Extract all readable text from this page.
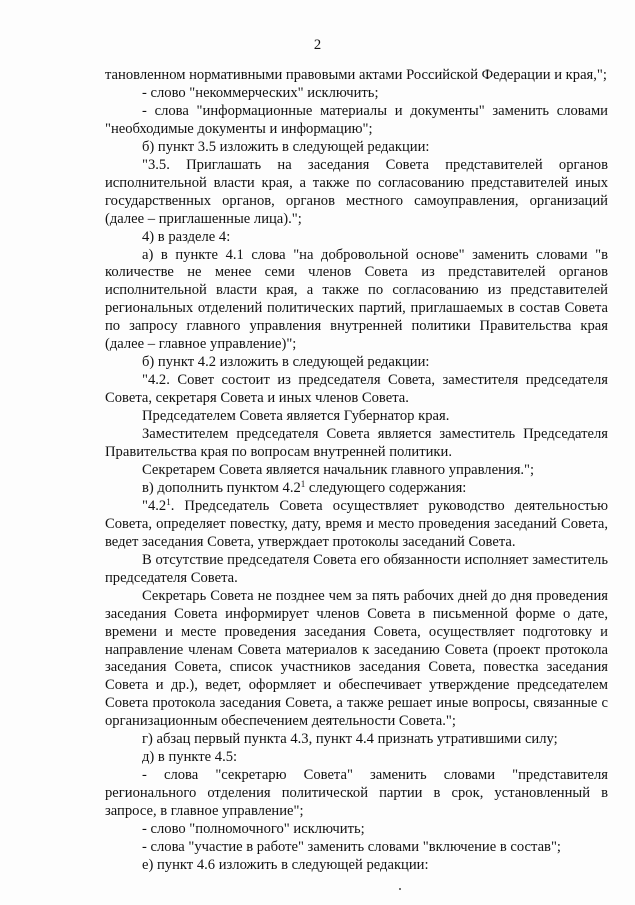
2

тановленном нормативными правовыми актами Российской Федерации и края,";

- слово "некоммерческих" исключить;

- слова "информационные материалы и документы" заменить словами "необходимые документы и информацию";

б) пункт 3.5 изложить в следующей редакции:

"3.5. Приглашать на заседания Совета представителей органов исполнительной власти края, а также по согласованию представителей иных государственных органов, органов местного самоуправления, организаций (далее – приглашенные лица).";

4) в разделе 4:

а) в пункте 4.1 слова "на добровольной основе" заменить словами "в количестве не менее семи членов Совета из представителей органов исполнительной власти края, а также по согласованию из представителей региональных отделений политических партий, приглашаемых в состав Совета по запросу главного управления внутренней политики Правительства края (далее – главное управление)";

б) пункт 4.2 изложить в следующей редакции:

"4.2. Совет состоит из председателя Совета, заместителя председателя Совета, секретаря Совета и иных членов Совета.

Председателем Совета является Губернатор края.

Заместителем председателя Совета является заместитель Председателя Правительства края по вопросам внутренней политики.

Секретарем Совета является начальник главного управления.";

в) дополнить пунктом $4.2^1$ следующего содержания:

"$4.2^1$. Председатель Совета осуществляет руководство деятельностью Совета, определяет повестку, дату, время и место проведения заседаний Совета, ведет заседания Совета, утверждает протоколы заседаний Совета.

В отсутствие председателя Совета его обязанности исполняет заместитель председателя Совета.

Секретарь Совета не позднее чем за пять рабочих дней до дня проведения заседания Совета информирует членов Совета в письменной форме о дате, времени и месте проведения заседания Совета, осуществляет подготовку и направление членам Совета материалов к заседанию Совета (проект протокола заседания Совета, список участников заседания Совета, повестка заседания Совета и др.), ведет, оформляет и обеспечивает утверждение председателем Совета протокола заседания Совета, а также решает иные вопросы, связанные с организационным обеспечением деятельности Совета.";

г) абзац первый пункта 4.3, пункт 4.4 признать утратившими силу;

д) в пункте 4.5:

- слова "секретарю Совета" заменить словами "представителя регионального отделения политической партии в срок, установленный в запросе, в главное управление";

- слово "полномочного" исключить;

- слова "участие в работе" заменить словами "включение в состав";

е) пункт 4.6 изложить в следующей редакции:
